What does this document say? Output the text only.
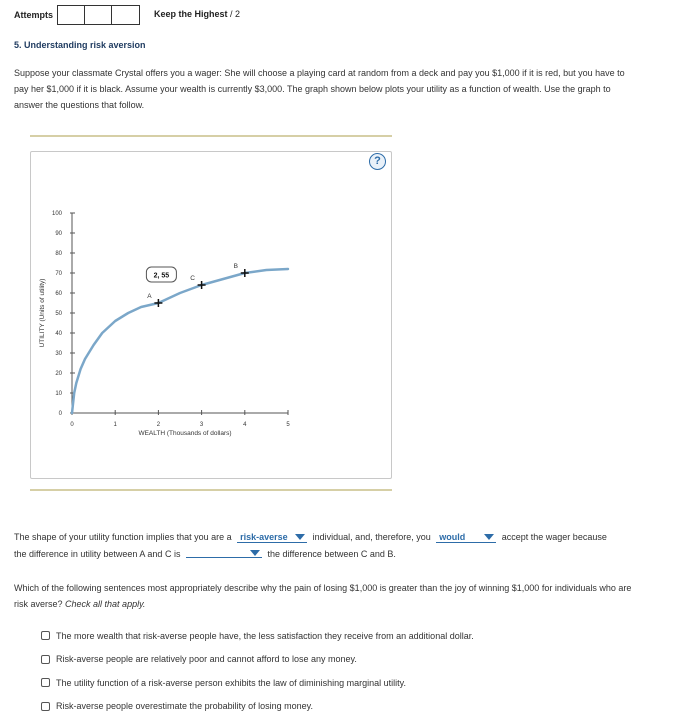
Attempts	Keep the Highest / 2
5. Understanding risk aversion
Suppose your classmate Crystal offers you a wager: She will choose a playing card at random from a deck and pay you $1,000 if it is red, but you have to pay her $1,000 if it is black. Assume your wealth is currently $3,000. The graph shown below plots your utility as a function of wealth. Use the graph to answer the questions that follow.
0
10
20
30
40
50
60
70
80
90
100
0	1	2	3	4	5
WEALTH (Thousands of dollars)
UTILITY (Units of utility)	A
C
B
2, 55
?
The shape of your utility function implies that you are a risk-averse	individual, and, therefore, you would	accept the wager because
the difference in utility between A and C is	the difference between C and B.
Which of the following sentences most appropriately describe why the pain of losing $1,000 is greater than the joy of winning $1,000 for individuals who are risk averse? Check all that apply.
The more wealth that risk-averse people have, the less satisfaction they receive from an additional dollar.
Risk-averse people are relatively poor and cannot afford to lose any money.
The utility function of a risk-averse person exhibits the law of diminishing marginal utility.
Risk-averse people overestimate the probability of losing money.
